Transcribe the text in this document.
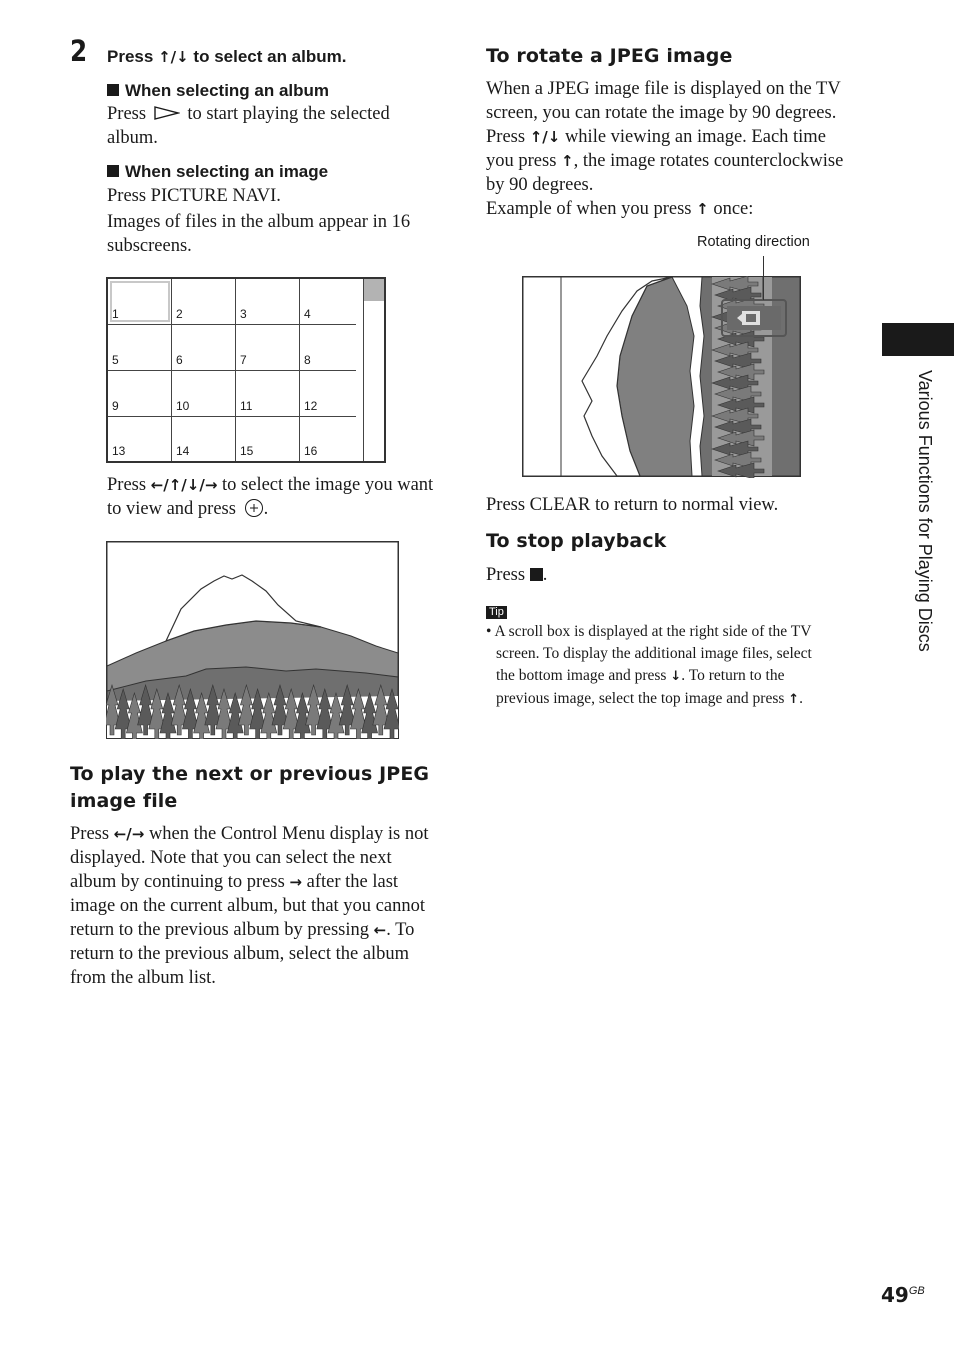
2 Press ↑/↓ to select an album.
When selecting an album
Press to start playing the selected
album.
When selecting an image
Press PICTURE NAVI.
Images of files in the album appear in 16
subscreens.
1	2	3	4
5	6	7	8
9	10	11	12
13	14	15	16
Press ←/↑/↓/→ to select the image you want
to view and press .
To play the next or previous JPEG
image file
Press ←/→ when the Control Menu display is not
displayed. Note that you can select the next
album by continuing to press → after the last
image on the current album, but that you cannot
return to the previous album by pressing ←. To
return to the previous album, select the album
from the album list.
To rotate a JPEG image
When a JPEG image file is displayed on the TV
screen, you can rotate the image by 90 degrees.
Press ↑/↓ while viewing an image. Each time
you press ↑, the image rotates counterclockwise
by 90 degrees.
Example of when you press ↑ once:
Rotating direction
Press CLEAR to return to normal view.
To stop playback
Press .
Tip
• A scroll box is displayed at the right side of the TV
screen. To display the additional image files, select
the bottom image and press ↓. To return to the
previous image, select the top image and press ↑.
Various Functions for Playing Discs
$49^{GB}$
